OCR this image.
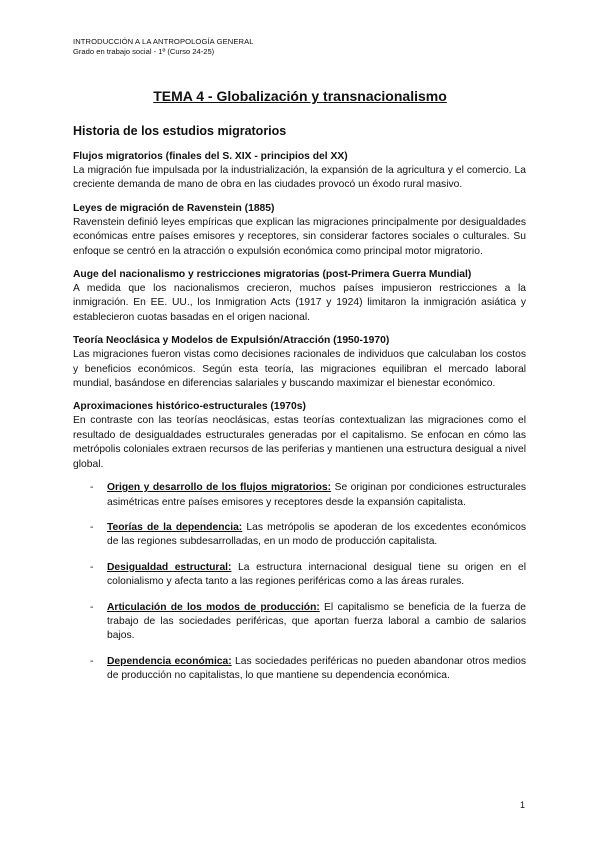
INTRODUCCIÓN A LA ANTROPOLOGÍA GENERAL
Grado en trabajo social - 1º (Curso 24-25)
TEMA 4 - Globalización y transnacionalismo
Historia de los estudios migratorios
Flujos migratorios (finales del S. XIX - principios del XX)
La migración fue impulsada por la industrialización, la expansión de la agricultura y el comercio. La creciente demanda de mano de obra en las ciudades provocó un éxodo rural masivo.
Leyes de migración de Ravenstein (1885)
Ravenstein definió leyes empíricas que explican las migraciones principalmente por desigualdades económicas entre países emisores y receptores, sin considerar factores sociales o culturales. Su enfoque se centró en la atracción o expulsión económica como principal motor migratorio.
Auge del nacionalismo y restricciones migratorias (post-Primera Guerra Mundial)
A medida que los nacionalismos crecieron, muchos países impusieron restricciones a la inmigración. En EE. UU., los Inmigration Acts (1917 y 1924) limitaron la inmigración asiática y establecieron cuotas basadas en el origen nacional.
Teoría Neoclásica y Modelos de Expulsión/Atracción (1950-1970)
Las migraciones fueron vistas como decisiones racionales de individuos que calculaban los costos y beneficios económicos. Según esta teoría, las migraciones equilibran el mercado laboral mundial, basándose en diferencias salariales y buscando maximizar el bienestar económico.
Aproximaciones histórico-estructurales (1970s)
En contraste con las teorías neoclásicas, estas teorías contextualizan las migraciones como el resultado de desigualdades estructurales generadas por el capitalismo. Se enfocan en cómo las metrópolis coloniales extraen recursos de las periferias y mantienen una estructura desigual a nivel global.
- Origen y desarrollo de los flujos migratorios: Se originan por condiciones estructurales asimétricas entre países emisores y receptores desde la expansión capitalista.
- Teorías de la dependencia: Las metrópolis se apoderan de los excedentes económicos de las regiones subdesarrolladas, en un modo de producción capitalista.
- Desigualdad estructural: La estructura internacional desigual tiene su origen en el colonialismo y afecta tanto a las regiones periféricas como a las áreas rurales.
- Articulación de los modos de producción: El capitalismo se beneficia de la fuerza de trabajo de las sociedades periféricas, que aportan fuerza laboral a cambio de salarios bajos.
- Dependencia económica: Las sociedades periféricas no pueden abandonar otros medios de producción no capitalistas, lo que mantiene su dependencia económica.
1
